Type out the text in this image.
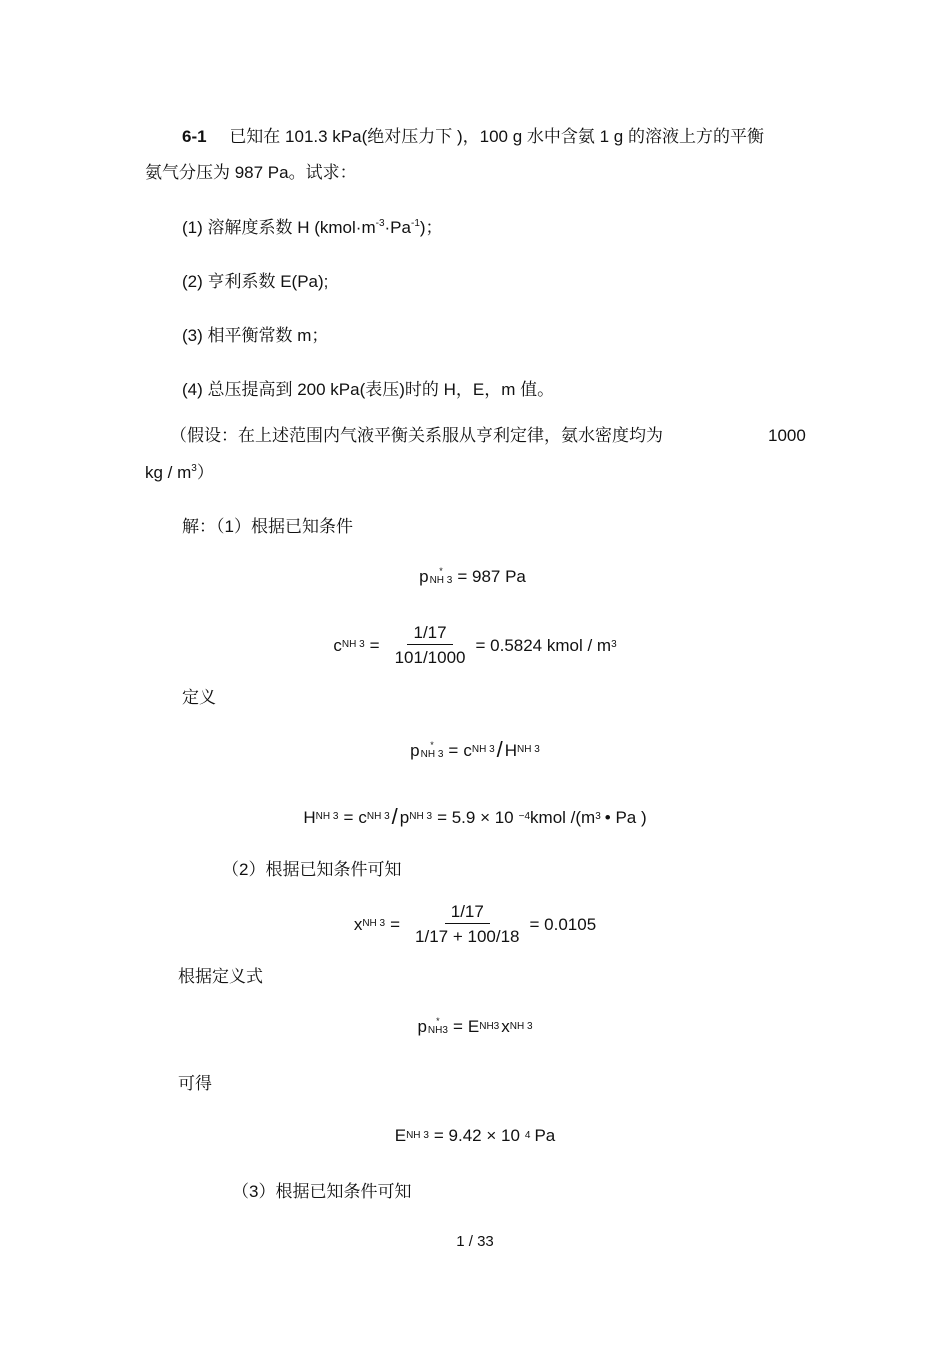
6-1 已知在 101.3 kPa(绝对压力下 )，100 g 水中含氨 1 g 的溶液上方的平衡
氨气分压为 987 Pa。试求：
(1) 溶解度系数 H $(kmol\cdot m^{-3}\cdot Pa^{-1})$；
(2) 亨利系数 E(Pa);
(3) 相平衡常数 m；
(4) 总压提高到 200 kPa(表压)时的 H，E，m 值。
（假设：在上述范围内气液平衡关系服从亨利定律，氨水密度均为	1000
kg / $m^3$）
解：（1）根据已知条件
p	*
NH 3 = 987 Pa
c NH $3 = \frac{1/17}{101/1000} = 0.5824$ kmol / m 3
定义
p	*
NH 3 = c NH 3 / H NH 3
H NH 3 = c NH 3 / p NH 3 = 5.9 × 10 −4 kmol /(m 3 • Pa )
（2）根据已知条件可知
x NH $3 = \frac{1/17}{1/17 + 100/18} = 0.0105$
根据定义式
p	*
NH3 = E NH3 x NH 3
可得
E NH 3 = 9.42 × 10 4 Pa
（3）根据已知条件可知
1 / 33
